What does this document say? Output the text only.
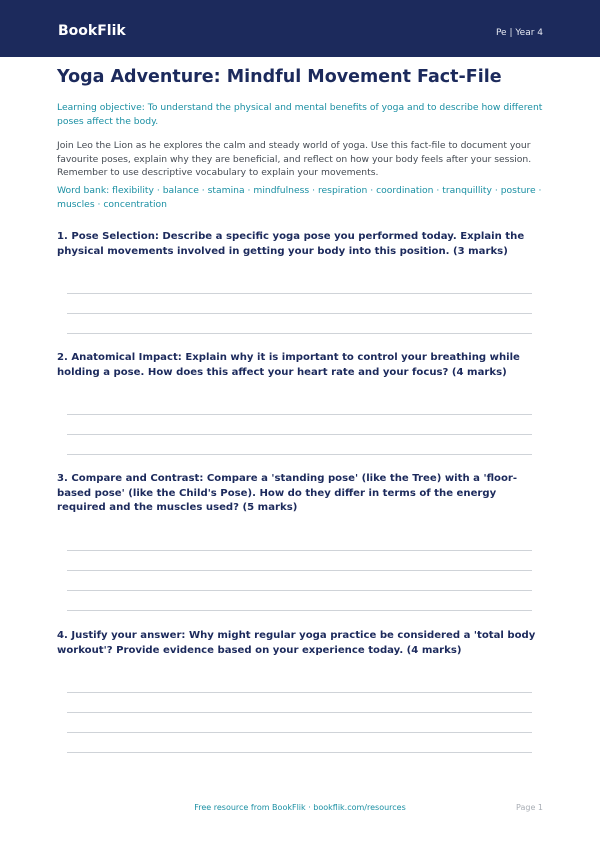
BookFlik	Pe | Year 4
Yoga Adventure: Mindful Movement Fact-File
Learning objective: To understand the physical and mental benefits of yoga and to describe how different poses affect the body.
Join Leo the Lion as he explores the calm and steady world of yoga. Use this fact-file to document your favourite poses, explain why they are beneficial, and reflect on how your body feels after your session. Remember to use descriptive vocabulary to explain your movements.
Word bank: flexibility · balance · stamina · mindfulness · respiration · coordination · tranquillity · posture · muscles · concentration
1. Pose Selection: Describe a specific yoga pose you performed today. Explain the physical movements involved in getting your body into this position. (3 marks)
2. Anatomical Impact: Explain why it is important to control your breathing while holding a pose. How does this affect your heart rate and your focus? (4 marks)
3. Compare and Contrast: Compare a 'standing pose' (like the Tree) with a 'floor-based pose' (like the Child's Pose). How do they differ in terms of the energy required and the muscles used? (5 marks)
4. Justify your answer: Why might regular yoga practice be considered a 'total body workout'? Provide evidence based on your experience today. (4 marks)
Free resource from BookFlik · bookflik.com/resources	Page 1
